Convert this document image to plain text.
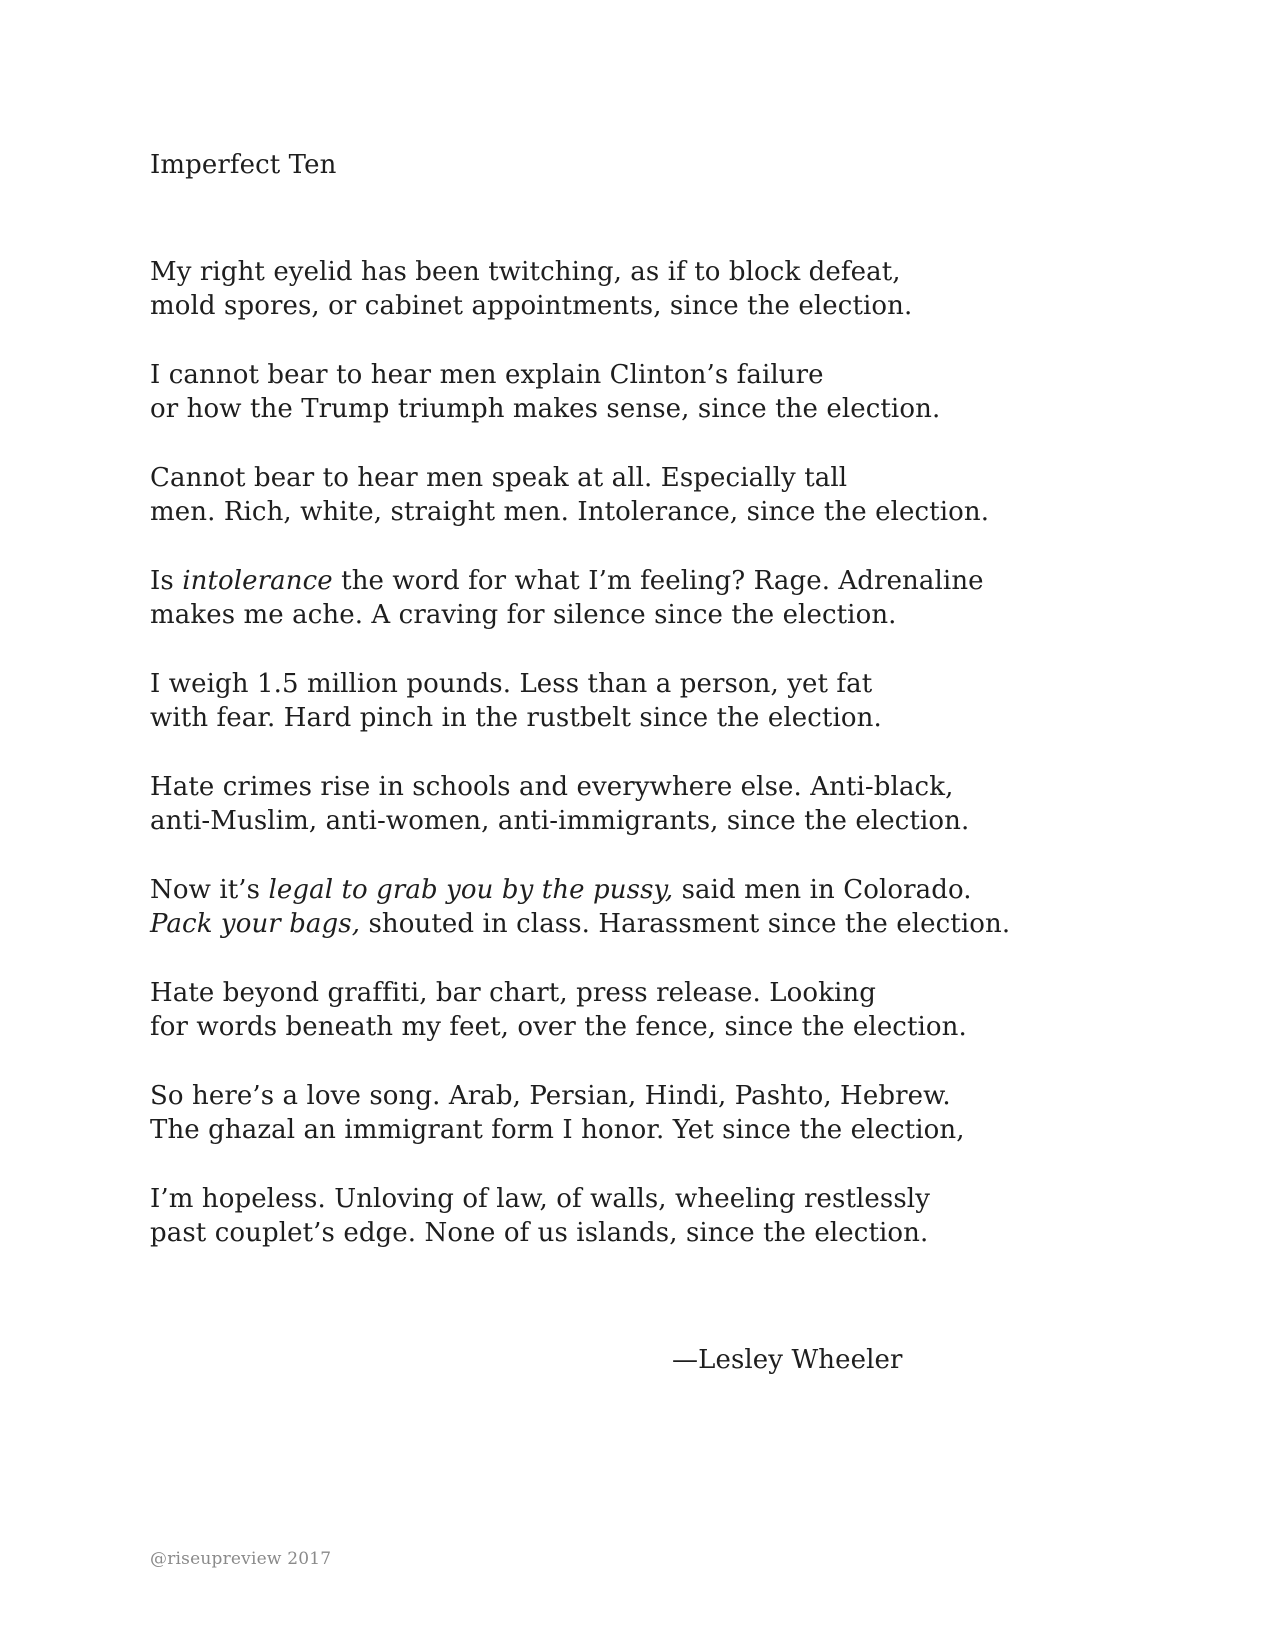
Imperfect Ten
My right eyelid has been twitching, as if to block defeat,
mold spores, or cabinet appointments, since the election.
I cannot bear to hear men explain Clinton’s failure
or how the Trump triumph makes sense, since the election.
Cannot bear to hear men speak at all. Especially tall
men. Rich, white, straight men. Intolerance, since the election.
Is intolerance the word for what I’m feeling? Rage. Adrenaline
makes me ache. A craving for silence since the election.
I weigh 1.5 million pounds. Less than a person, yet fat
with fear. Hard pinch in the rustbelt since the election.
Hate crimes rise in schools and everywhere else. Anti-black,
anti-Muslim, anti-women, anti-immigrants, since the election.
Now it’s legal to grab you by the pussy, said men in Colorado.
Pack your bags, shouted in class. Harassment since the election.
Hate beyond graffiti, bar chart, press release. Looking
for words beneath my feet, over the fence, since the election.
So here’s a love song. Arab, Persian, Hindi, Pashto, Hebrew.
The ghazal an immigrant form I honor. Yet since the election,
I’m hopeless. Unloving of law, of walls, wheeling restlessly
past couplet’s edge. None of us islands, since the election.
—Lesley Wheeler
@riseupreview 2017
